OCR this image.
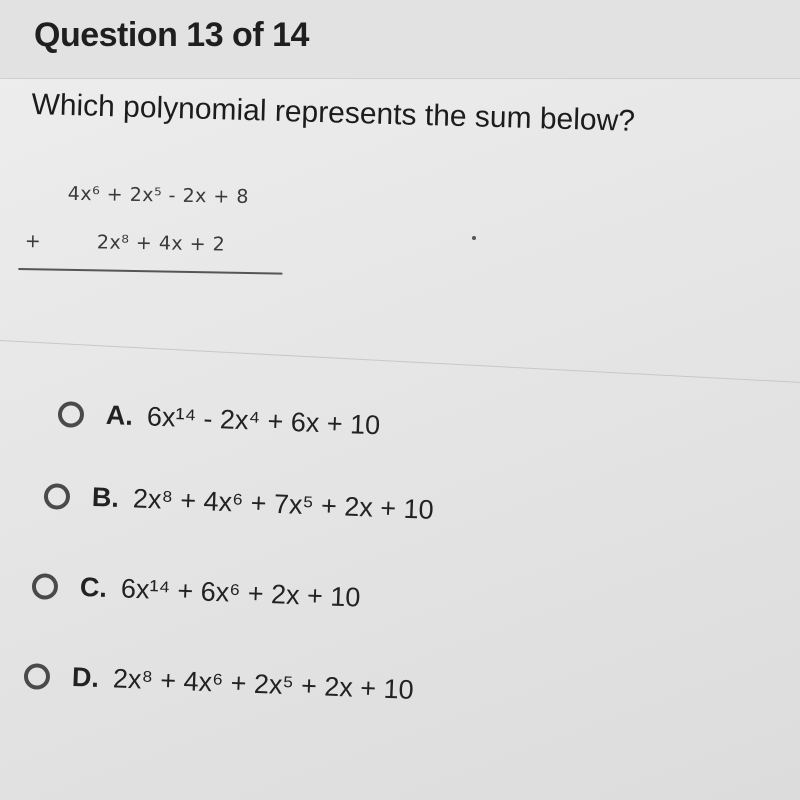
Question 13 of 14
Which polynomial represents the sum below?
4x⁶ + 2x⁵ - 2x + 8
+	2x⁸ + 4x + 2
A. 6x¹⁴ - 2x⁴ + 6x + 10
B. 2x⁸ + 4x⁶ + 7x⁵ + 2x + 10
C. 6x¹⁴ + 6x⁶ + 2x + 10
D. 2x⁸ + 4x⁶ + 2x⁵ + 2x + 10
